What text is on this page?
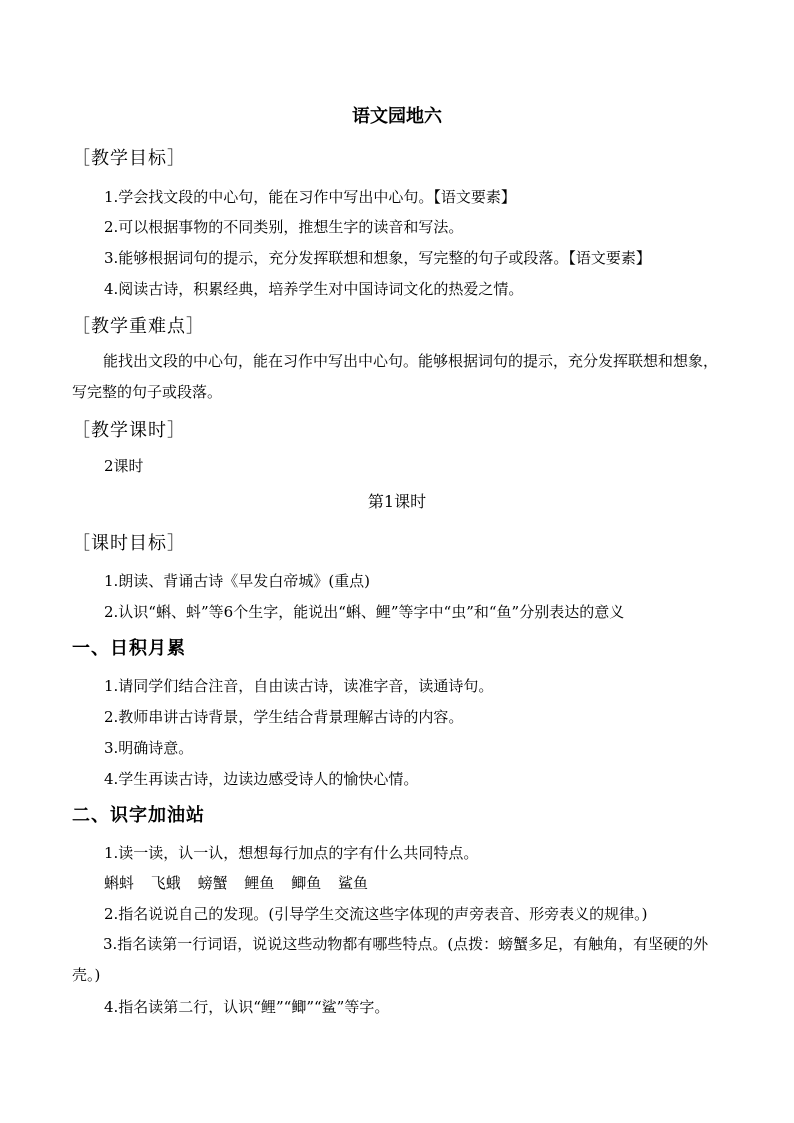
语文园地六
［教学目标］
1.学会找文段的中心句，能在习作中写出中心句。【语文要素】
2.可以根据事物的不同类别，推想生字的读音和写法。
3.能够根据词句的提示，充分发挥联想和想象，写完整的句子或段落。【语文要素】
4.阅读古诗，积累经典，培养学生对中国诗词文化的热爱之情。
［教学重难点］
能找出文段的中心句，能在习作中写出中心句。能够根据词句的提示，充分发挥联想和想象，写完整的句子或段落。
［教学课时］
2课时
第1课时
［课时目标］
1.朗读、背诵古诗《早发白帝城》(重点)
2.认识“蝌、蚪”等6个生字，能说出“蝌、鲤”等字中“虫”和“鱼”分别表达的意义
一、日积月累
1.请同学们结合注音，自由读古诗，读准字音，读通诗句。
2.教师串讲古诗背景，学生结合背景理解古诗的内容。
3.明确诗意。
4.学生再读古诗，边读边感受诗人的愉快心情。
二、识字加油站
1.读一读，认一认，想想每行加点的字有什么共同特点。
蝌蚪 飞蛾 螃蟹 鲤鱼 鲫鱼 鲨鱼
2.指名说说自己的发现。(引导学生交流这些字体现的声旁表音、形旁表义的规律。)
3.指名读第一行词语，说说这些动物都有哪些特点。(点拨：螃蟹多足，有触角，有坚硬的外壳。)
4.指名读第二行，认识“鲤”“鲫”“鲨”等字。
